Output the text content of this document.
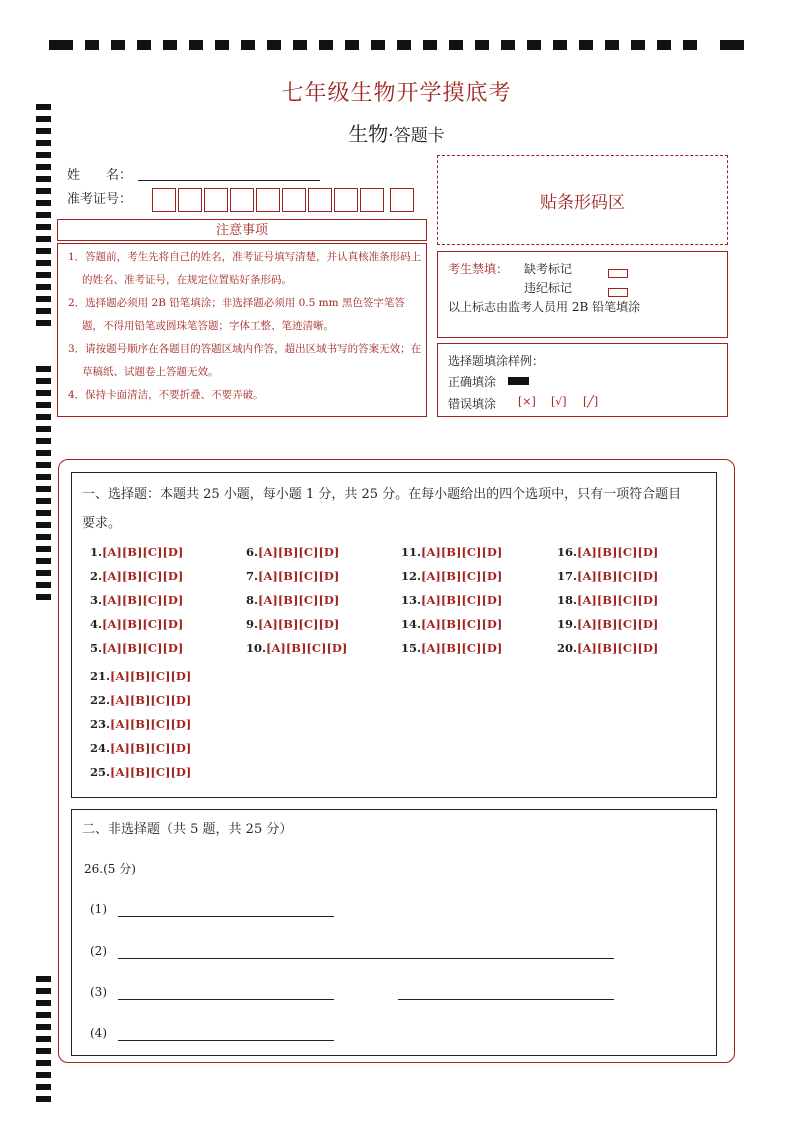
七年级生物开学摸底考
生物·答题卡
姓　　名：
准考证号：	贴条形码区
注意事项
1．答题前，考生先将自己的姓名，准考证号填写清楚，并认真核准条形码上的姓名、准考证号，在规定位置贴好条形码。
2．选择题必须用 2B 铅笔填涂；非选择题必须用 0.5 mm 黑色签字笔答题，不得用铅笔或圆珠笔答题；字体工整、笔迹清晰。
3．请按题号顺序在各题目的答题区域内作答，超出区域书写的答案无效；在草稿纸、试题卷上答题无效。
4．保持卡面清洁，不要折叠、不要弄破。
考生禁填： 缺考标记
违纪标记
以上标志由监考人员用 2B 铅笔填涂
选择题填涂样例：
正确填涂
错误填涂 [×] [√] [╱]
一、选择题：本题共 25 小题，每小题 1 分，共 25 分。在每小题给出的四个选项中，只有一项符合题目
要求。
1.[A][B][C][D]
2.[A][B][C][D]
3.[A][B][C][D]
4.[A][B][C][D]
5.[A][B][C][D]
6.[A][B][C][D]
7.[A][B][C][D]
8.[A][B][C][D]
9.[A][B][C][D]
10.[A][B][C][D]
11.[A][B][C][D]
12.[A][B][C][D]
13.[A][B][C][D]
14.[A][B][C][D]
15.[A][B][C][D]
16.[A][B][C][D]
17.[A][B][C][D]
18.[A][B][C][D]
19.[A][B][C][D]
20.[A][B][C][D]
21.[A][B][C][D]
22.[A][B][C][D]
23.[A][B][C][D]
24.[A][B][C][D]
25.[A][B][C][D]
二、非选择题（共 5 题，共 25 分）
26.(5 分)
(1)
(2)
(3)
(4)
